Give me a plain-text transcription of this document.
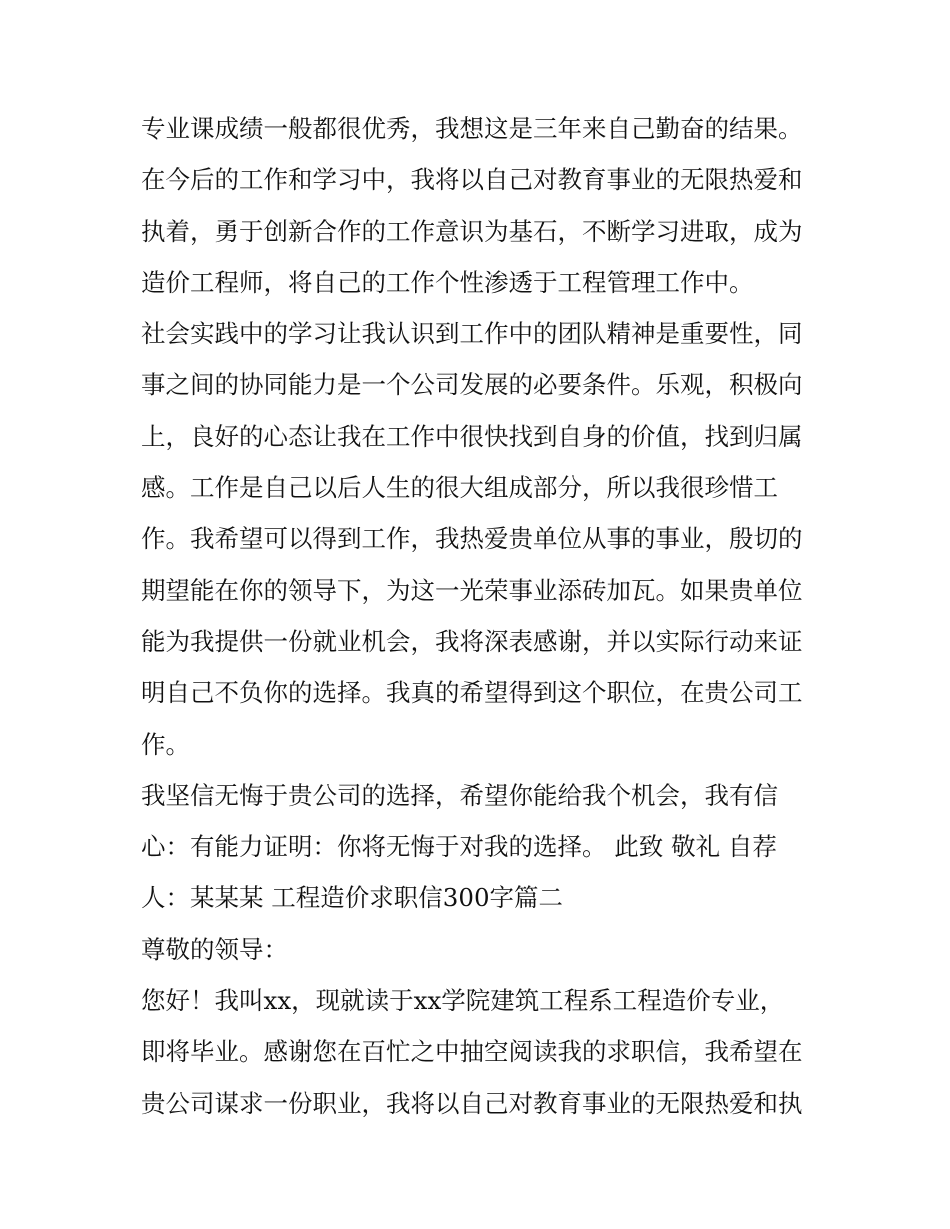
专业课成绩一般都很优秀，我想这是三年来自己勤奋的结果。
在今后的工作和学习中，我将以自己对教育事业的无限热爱和
执着，勇于创新合作的工作意识为基石，不断学习进取，成为
造价工程师，将自己的工作个性渗透于工程管理工作中。
社会实践中的学习让我认识到工作中的团队精神是重要性，同
事之间的协同能力是一个公司发展的必要条件。乐观，积极向
上，良好的心态让我在工作中很快找到自身的价值，找到归属
感。工作是自己以后人生的很大组成部分，所以我很珍惜工
作。我希望可以得到工作，我热爱贵单位从事的事业，殷切的
期望能在你的领导下，为这一光荣事业添砖加瓦。如果贵单位
能为我提供一份就业机会，我将深表感谢，并以实际行动来证
明自己不负你的选择。我真的希望得到这个职位，在贵公司工
作。
我坚信无悔于贵公司的选择，希望你能给我个机会，我有信
心：有能力证明：你将无悔于对我的选择。 此致 敬礼 自荐
人：某某某 工程造价求职信300字篇二
尊敬的领导：
您好！我叫xx，现就读于xx学院建筑工程系工程造价专业，
即将毕业。感谢您在百忙之中抽空阅读我的求职信，我希望在
贵公司谋求一份职业，我将以自己对教育事业的无限热爱和执
